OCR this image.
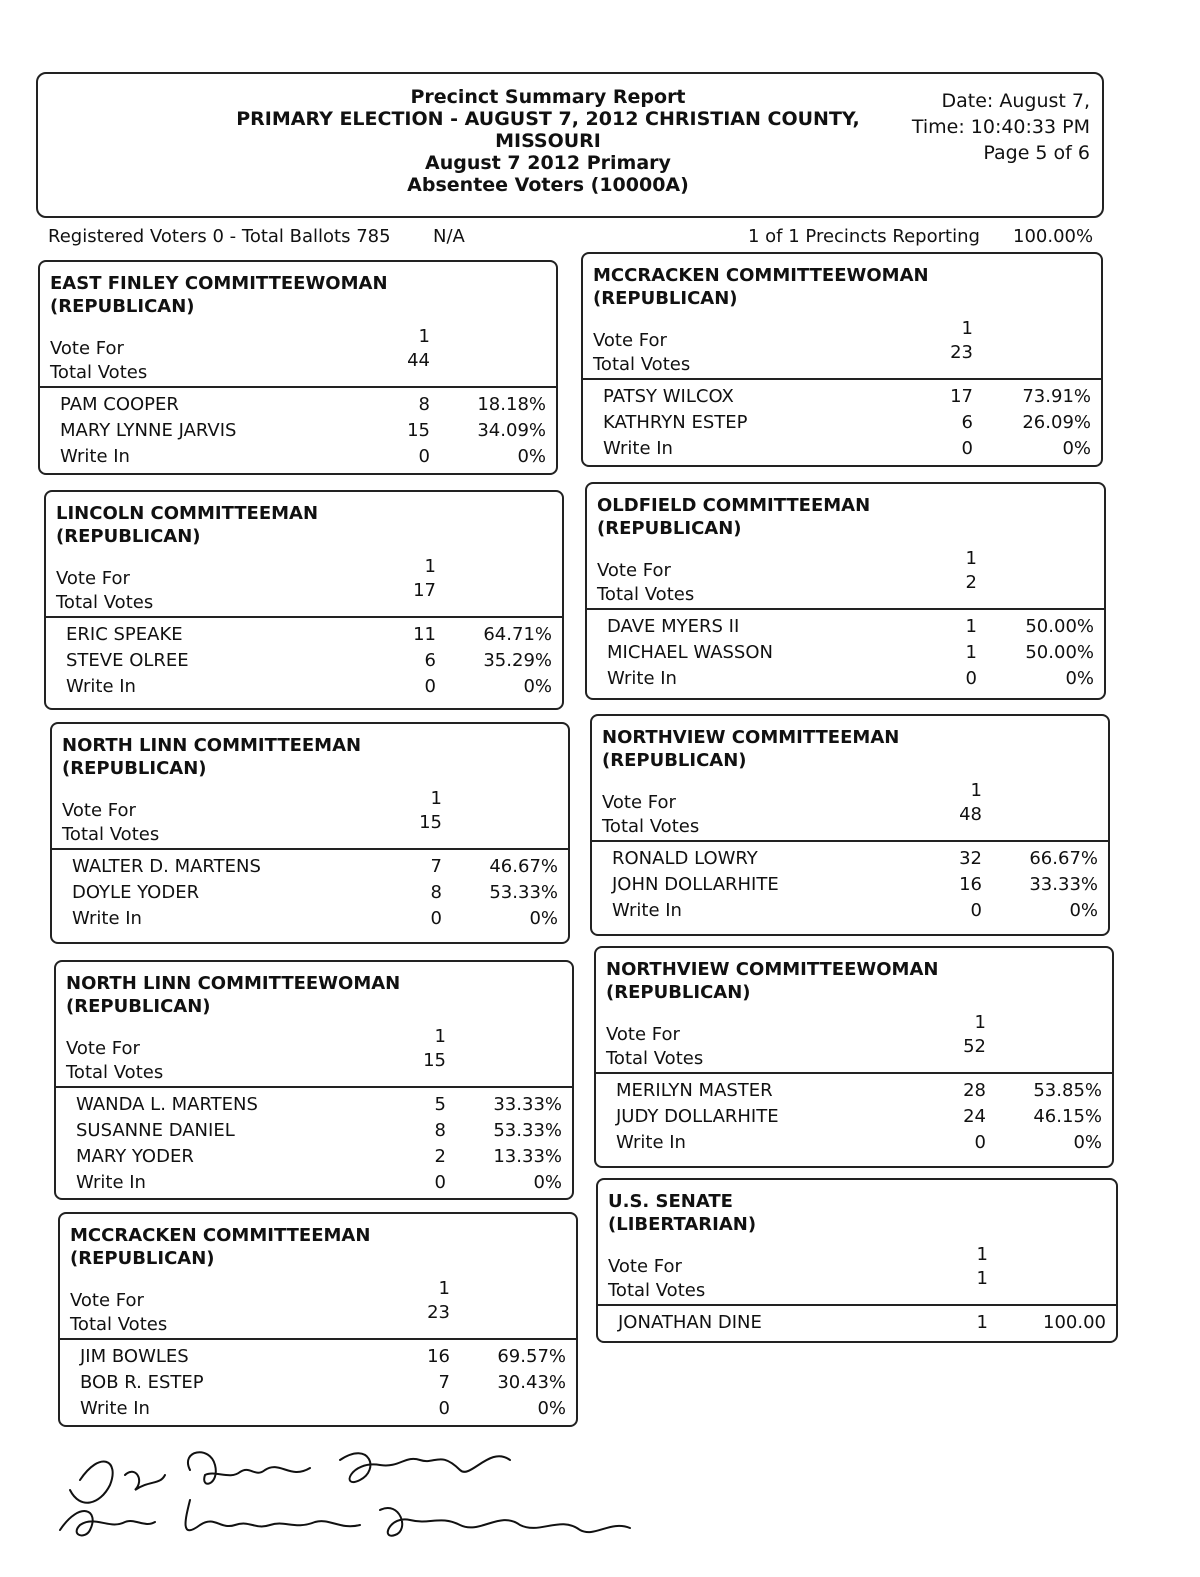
Precinct Summary Report
PRIMARY ELECTION - AUGUST 7, 2012 CHRISTIAN COUNTY,
MISSOURI
August 7 2012 Primary
Absentee Voters (10000A)
Date: August 7,
Time: 10:40:33 PM
Page 5 of 6
Registered Voters 0 - Total Ballots 785 N/A	1 of 1 Precincts Reporting 100.00%
EAST FINLEY COMMITTEEWOMAN
(REPUBLICAN)
Vote For
1
Total Votes
44
PAM COOPER	8	18.18%
MARY LYNNE JARVIS	15	34.09%
Write In	0	0%
MCCRACKEN COMMITTEEWOMAN
(REPUBLICAN)
Vote For
1
Total Votes
23
PATSY WILCOX	17	73.91%
KATHRYN ESTEP	6	26.09%
Write In	0	0%
LINCOLN COMMITTEEMAN
(REPUBLICAN)
Vote For
1
Total Votes
17
ERIC SPEAKE	11	64.71%
STEVE OLREE	6	35.29%
Write In	0	0%
OLDFIELD COMMITTEEMAN
(REPUBLICAN)
Vote For
1
Total Votes
2
DAVE MYERS II	1	50.00%
MICHAEL WASSON	1	50.00%
Write In	0	0%
NORTH LINN COMMITTEEMAN
(REPUBLICAN)
Vote For
1
Total Votes
15
WALTER D. MARTENS	7	46.67%
DOYLE YODER	8	53.33%
Write In	0	0%
NORTHVIEW COMMITTEEMAN
(REPUBLICAN)
Vote For
1
Total Votes
48
RONALD LOWRY	32	66.67%
JOHN DOLLARHITE	16	33.33%
Write In	0	0%
NORTH LINN COMMITTEEWOMAN
(REPUBLICAN)
Vote For
1
Total Votes
15
WANDA L. MARTENS	5	33.33%
SUSANNE DANIEL	8	53.33%
MARY YODER	2	13.33%
Write In	0	0%
NORTHVIEW COMMITTEEWOMAN
(REPUBLICAN)
Vote For
1
Total Votes
52
MERILYN MASTER	28	53.85%
JUDY DOLLARHITE	24	46.15%
Write In	0	0%
MCCRACKEN COMMITTEEMAN
(REPUBLICAN)
Vote For
1
Total Votes
23
JIM BOWLES	16	69.57%
BOB R. ESTEP	7	30.43%
Write In	0	0%
U.S. SENATE
(LIBERTARIAN)
Vote For
1
Total Votes
1
JONATHAN DINE	1	100.00
